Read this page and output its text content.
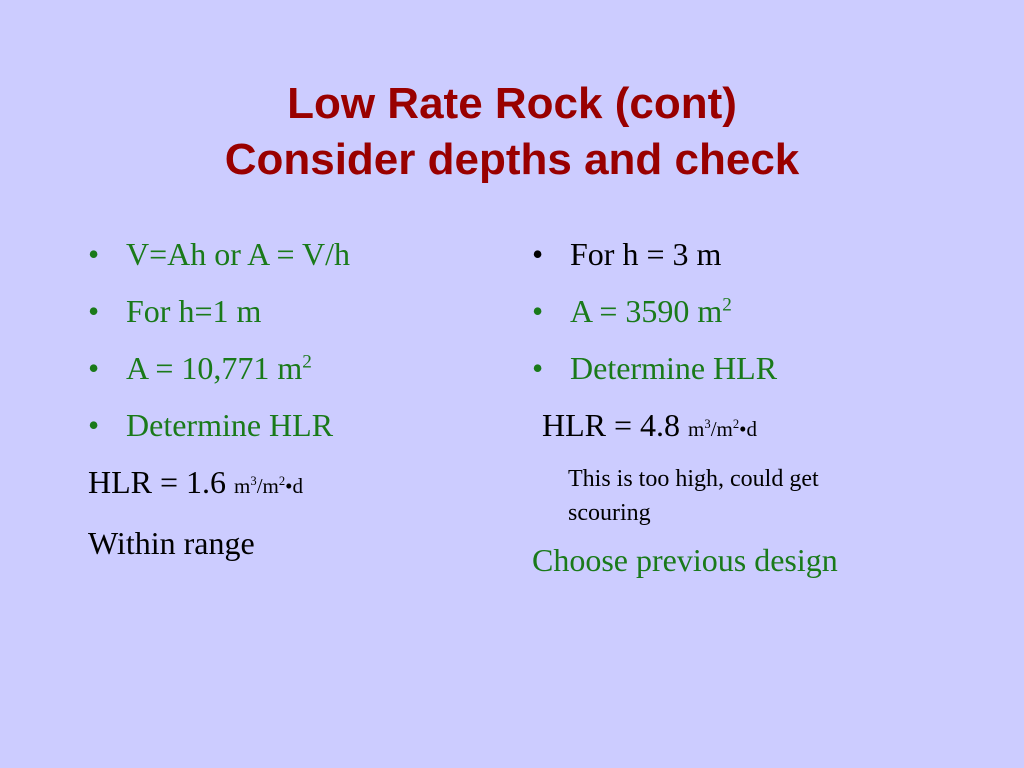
Low Rate Rock (cont)
Consider depths and check
• V=Ah or A = V/h
• For h=1 m
• A = 10,771 $m^2$
• Determine HLR
HLR = 1.6 $m^3/m^2•d$
Within range
• For h = 3 m
• A = 3590 $m^2$
• Determine HLR
HLR = 4.8 $m^3/m^2•d$
This is too high, could get
scouring
Choose previous design
